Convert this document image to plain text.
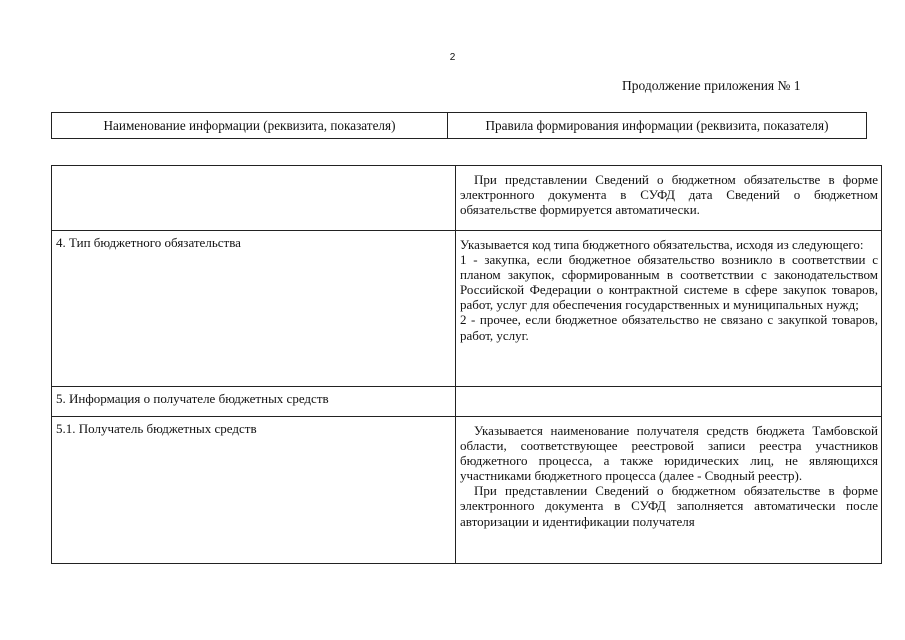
2
Продолжение приложения № 1
Наименование информации (реквизита, показателя)	Правила формирования информации (реквизита, показателя)

	При представлении Сведений о бюджетном обязательстве в форме электронного документа в СУФД дата Сведений о бюджетном обязательстве формируется автоматически.

4. Тип бюджетного обязательства	Указывается код типа бюджетного обязательства, исходя из следующего:

1 - закупка, если бюджетное обязательство возникло в соответствии с планом закупок, сформированным в соответствии с законодательством Российской Федерации о контрактной системе в сфере закупок товаров, работ, услуг для обеспечения государственных и муниципальных нужд;

2 - прочее, если бюджетное обязательство не связано с закупкой товаров, работ, услуг.

5. Информация о получателе бюджетных средств	
5.1. Получатель бюджетных средств	Указывается наименование получателя средств бюджета Тамбовской области, соответствующее реестровой записи реестра участников бюджетного процесса, а также юридических лиц, не являющихся участниками бюджетного процесса (далее - Сводный реестр).

При представлении Сведений о бюджетном обязательстве в форме электронного документа в СУФД заполняется автоматически после авторизации и идентификации получателя
